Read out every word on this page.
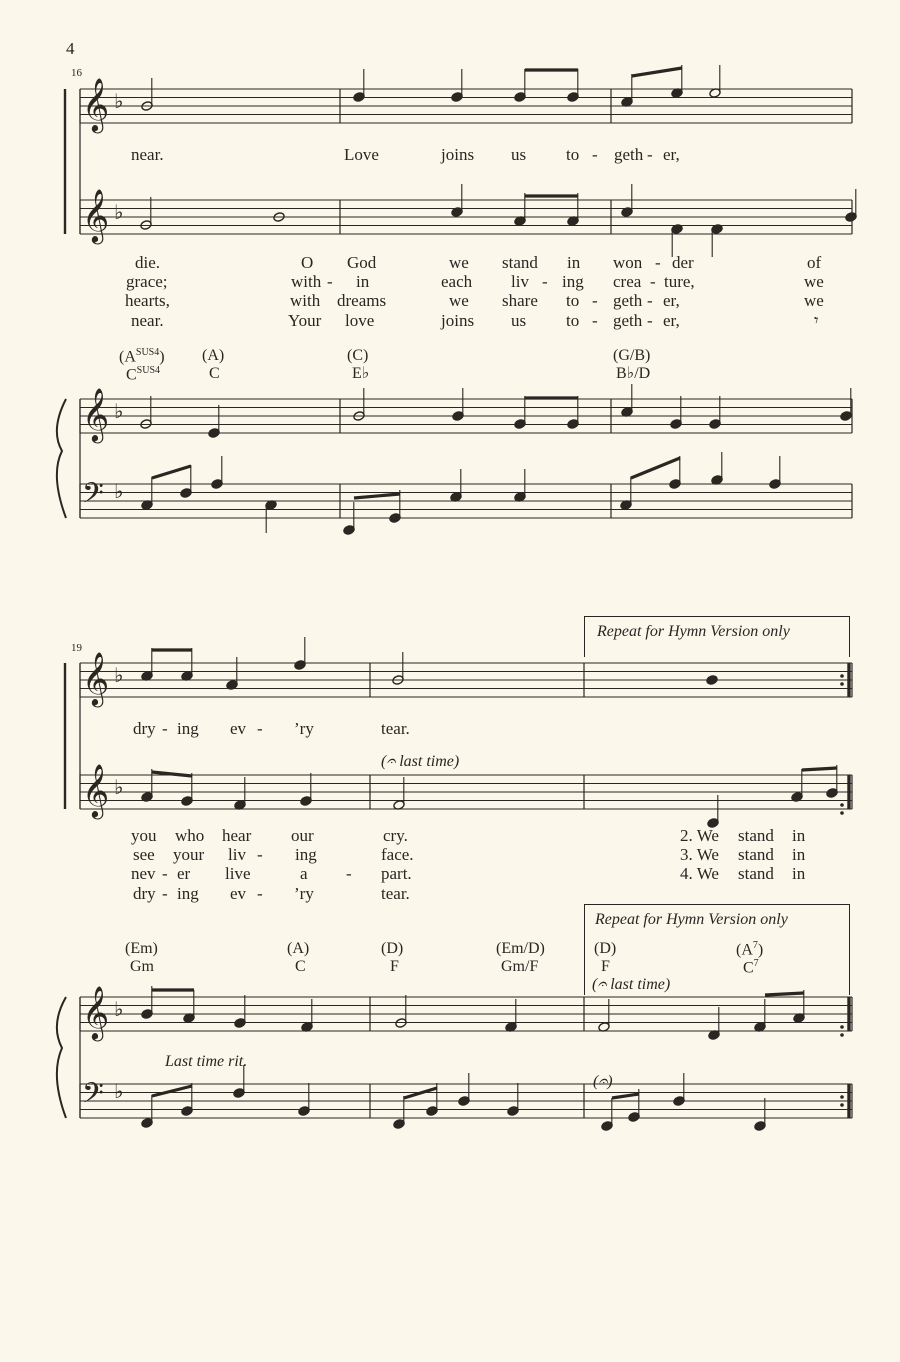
𝄞 ♭
𝄞 ♭
𝄞 ♭
𝄢 ♭
𝄞 ♭
𝄞 ♭
𝄞 ♭
𝄢 ♭
4
16
near.	Love	joins us to - geth - er,
die.	O God	we stand in won - der	of
grace;	with - in	each liv - ing crea - ture,	we
hearts,	with dreams	we share to - geth - er,	we
near.	Your love	joins us to - geth - er,	𝄾
$(A^{SUS4})$ (A)	(C)	(G/B)
$C^{SUS4}$	C	E♭	B♭/D
19
Repeat for Hymn Version only
dry - ing ev - ’ry	tear.
(𝄐 last time)
you who hear our	cry.	2. We stand in
see your liv - ing	face.	3. We stand in
nev - er live	a - part.	4. We stand in
dry - ing ev - ’ry	tear.
Repeat for Hymn Version only
(Em)	(A)	(D)	(Em/D)	(D)	$(A^7)$
Gm	C	F	Gm/F	F	$C^7$
(𝄐 last time)
Last time rit.
(𝄐)
